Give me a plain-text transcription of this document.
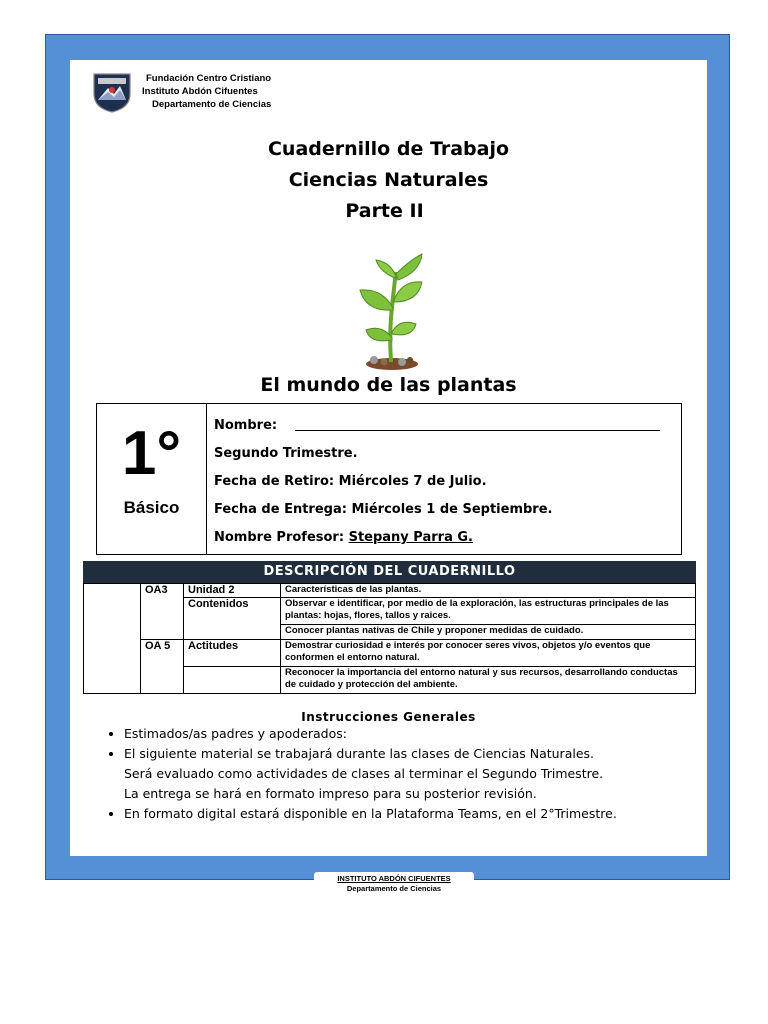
Fundación Centro Cristiano
Instituto Abdón Cifuentes
Departamento de Ciencias
Cuadernillo de Trabajo
Ciencias Naturales
Parte II
El mundo de las plantas
1°
Básico
Nombre:
Segundo Trimestre.
Fecha de Retiro: Miércoles 7 de Julio.
Fecha de Entrega: Miércoles 1 de Septiembre.
Nombre Profesor: Stepany Parra G.
DESCRIPCIÓN DEL CUADERNILLO
	OA3	Unidad 2	Características de las plantas.
		Contenidos	Observar e identificar, por medio de la exploración, las estructuras principales de las plantas: hojas, flores, tallos y raices.
			Conocer plantas nativas de Chile y proponer medidas de cuidado.
	OA 5	Actitudes	Demostrar curiosidad e interés por conocer seres vivos, objetos y/o eventos que conformen el entorno natural.
			Reconocer la importancia del entorno natural y sus recursos, desarrollando conductas de cuidado y protección del ambiente.
Instrucciones Generales
• Estimados/as padres y apoderados:
• El siguiente material se trabajará durante las clases de Ciencias Naturales.
Será evaluado como actividades de clases al terminar el Segundo Trimestre.
La entrega se hará en formato impreso para su posterior revisión.
• En formato digital estará disponible en la Plataforma Teams, en el 2°Trimestre.
INSTITUTO ABDÓN CIFUENTES
Departamento de Ciencias
